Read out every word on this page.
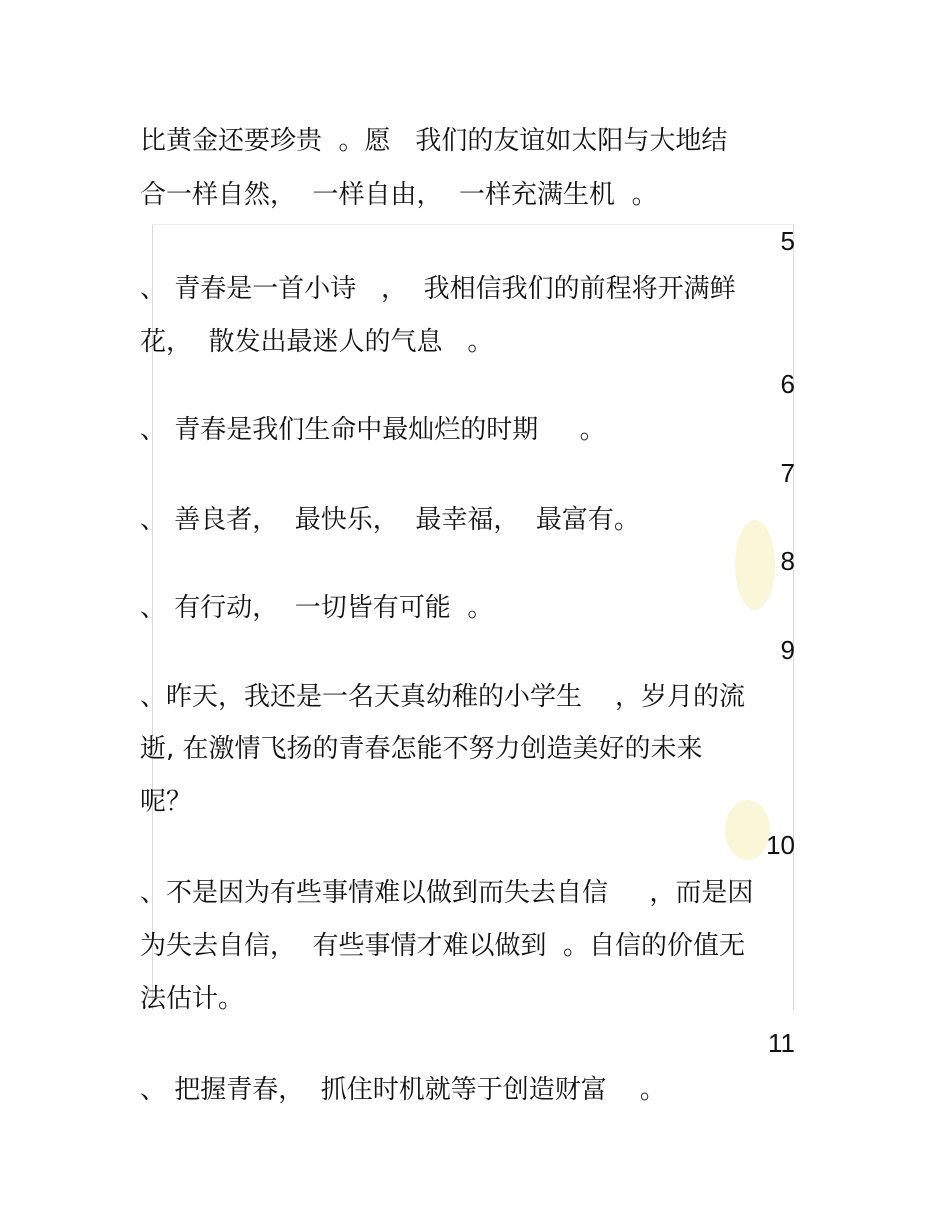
比黄金还要珍贵  。愿   我们的友谊如太阳与大地结

合一样自然，  一样自由，  一样充满生机  。

5

、 青春是一首小诗   ，  我相信我们的前程将开满鲜

花，  散发出最迷人的气息   。

6

、 青春是我们生命中最灿烂的时期     。

7

、 善良者，  最快乐，  最幸福，  最富有。

8

、 有行动，  一切皆有可能  。

9

、昨天，我还是一名天真幼稚的小学生    ，岁月的流

逝, 在激情飞扬的青春怎能不努力创造美好的未来

呢？

10

、不是因为有些事情难以做到而失去自信     ，而是因

为失去自信，  有些事情才难以做到  。自信的价值无

法估计。

11

、 把握青春，  抓住时机就等于创造财富    。
